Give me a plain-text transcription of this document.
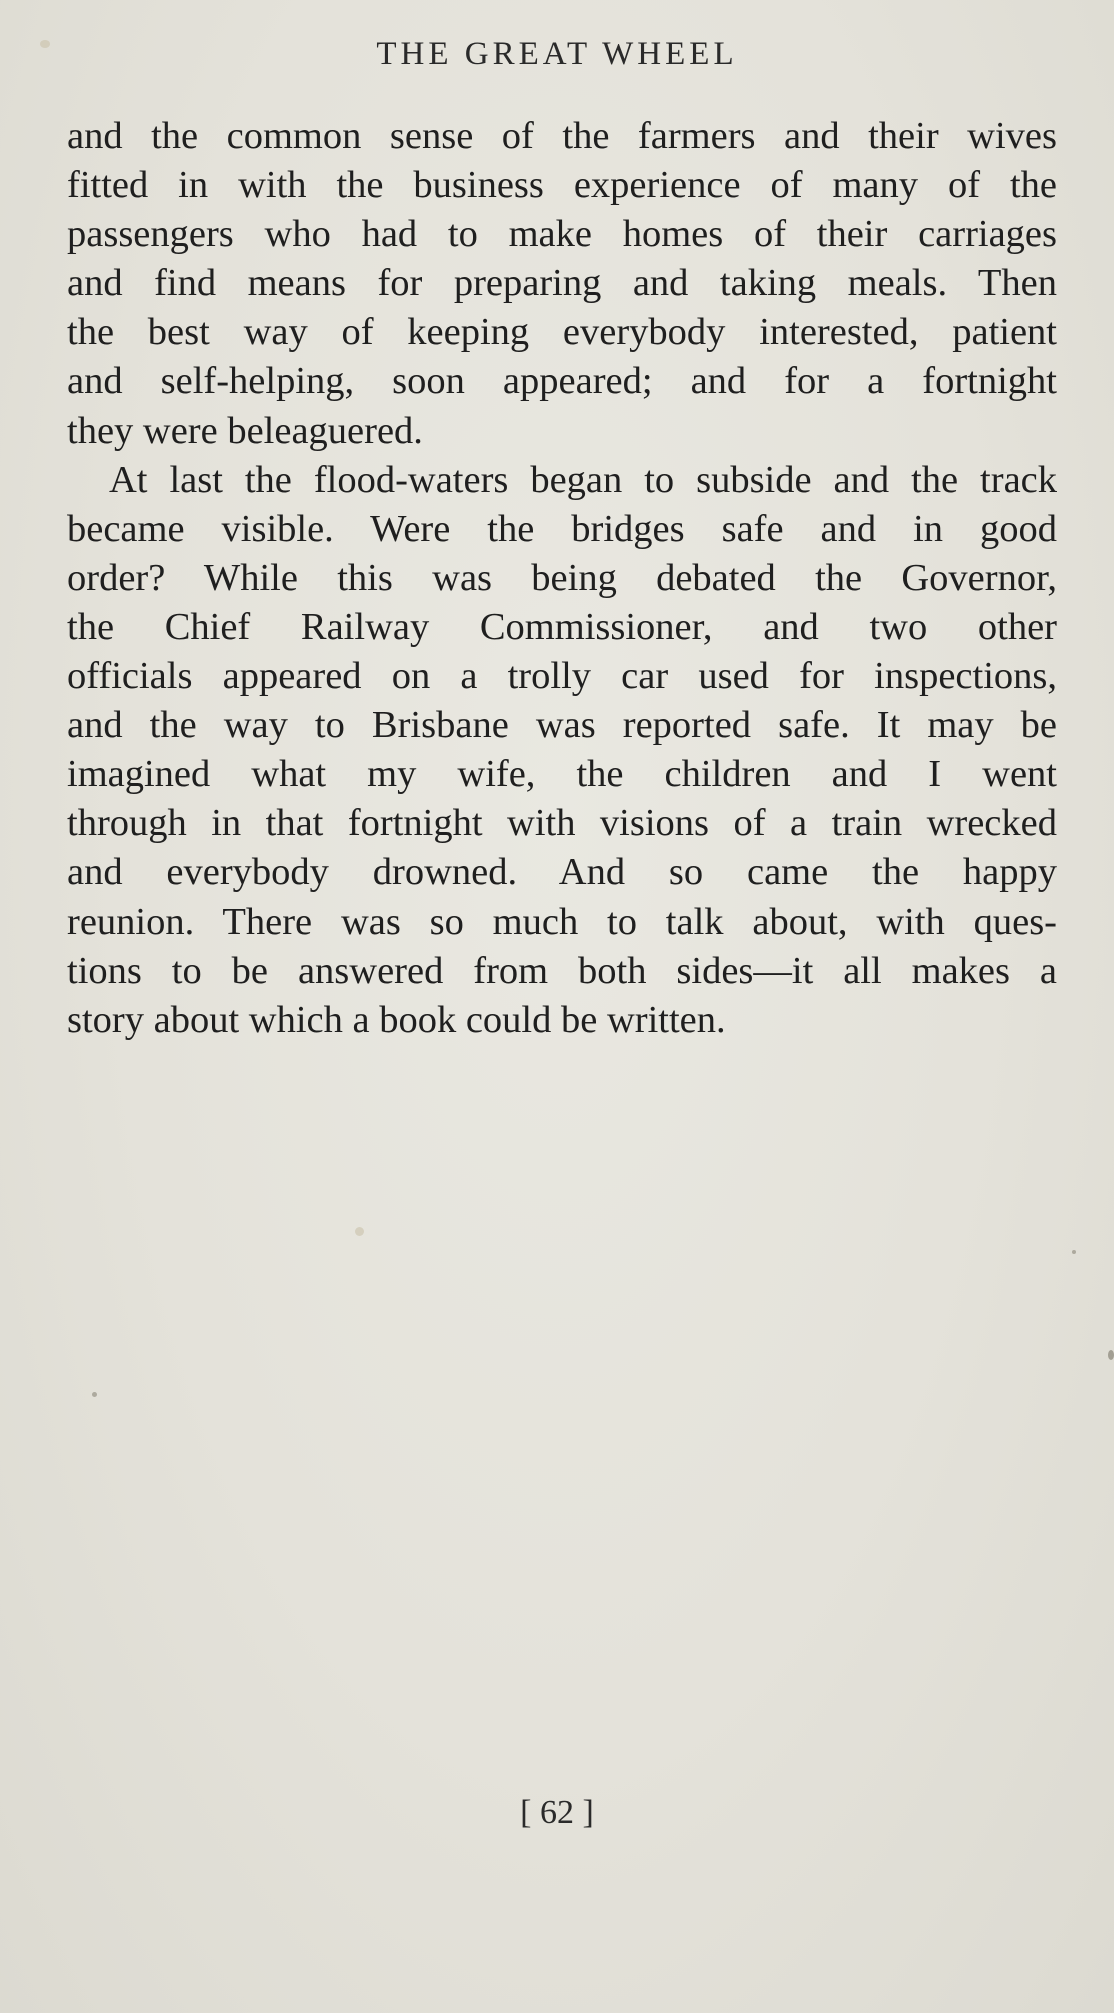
THE GREAT WHEEL

and the common sense of the farmers and their wives
fitted in with the business experience of many of the
passengers who had to make homes of their carriages
and find means for preparing and taking meals. Then
the best way of keeping everybody interested, patient
and self-helping, soon appeared; and for a fortnight
they were beleaguered.

At last the flood-waters began to subside and the track
became visible. Were the bridges safe and in good
order? While this was being debated the Governor,
the Chief Railway Commissioner, and two other
officials appeared on a trolly car used for inspections,
and the way to Brisbane was reported safe. It may be
imagined what my wife, the children and I went
through in that fortnight with visions of a train wrecked
and everybody drowned. And so came the happy
reunion. There was so much to talk about, with ques-
tions to be answered from both sides—it all makes a
story about which a book could be written.

[ 62 ]
